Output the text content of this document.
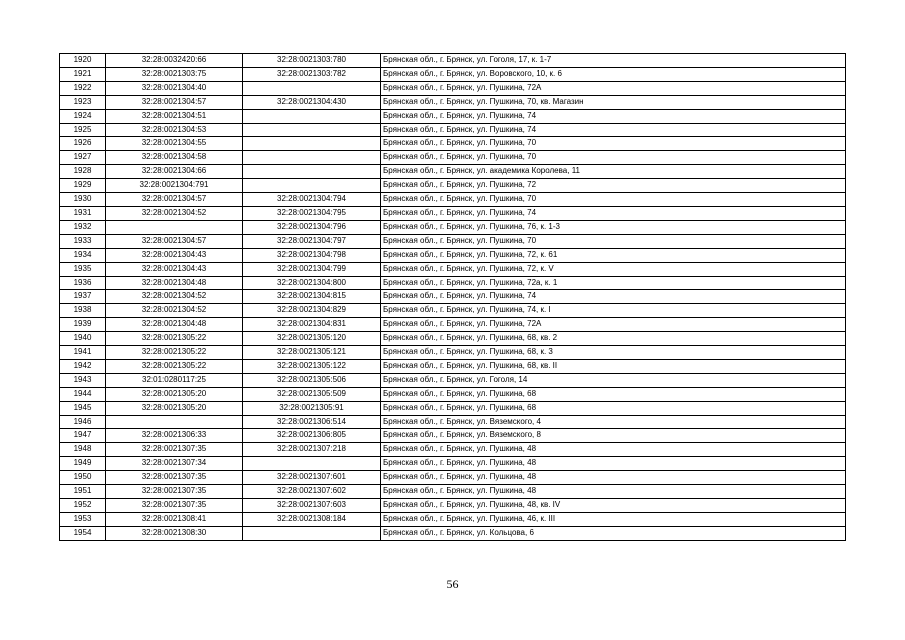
1920	32:28:0032420:66	32:28:0021303:780	Брянская обл., г. Брянск, ул. Гоголя, 17, к. 1-7
1921	32:28:0021303:75	32:28:0021303:782	Брянская обл., г. Брянск, ул. Воровского, 10, к. 6
1922	32:28:0021304:40		Брянская обл., г. Брянск, ул. Пушкина, 72А
1923	32:28:0021304:57	32:28:0021304:430	Брянская обл., г. Брянск, ул. Пушкина, 70, кв. Магазин
1924	32:28:0021304:51		Брянская обл., г. Брянск, ул. Пушкина, 74
1925	32:28:0021304:53		Брянская обл., г. Брянск, ул. Пушкина, 74
1926	32:28:0021304:55		Брянская обл., г. Брянск, ул. Пушкина, 70
1927	32:28:0021304:58		Брянская обл., г. Брянск, ул. Пушкина, 70
1928	32:28:0021304:66		Брянская обл., г. Брянск, ул. академика Королева, 11
1929	32:28:0021304:791		Брянская обл., г. Брянск, ул. Пушкина, 72
1930	32:28:0021304:57	32:28:0021304:794	Брянская обл., г. Брянск, ул. Пушкина, 70
1931	32:28:0021304:52	32:28:0021304:795	Брянская обл., г. Брянск, ул. Пушкина, 74
1932		32:28:0021304:796	Брянская обл., г. Брянск, ул. Пушкина, 76, к. 1-3
1933	32:28:0021304:57	32:28:0021304:797	Брянская обл., г. Брянск, ул. Пушкина, 70
1934	32:28:0021304:43	32:28:0021304:798	Брянская обл., г. Брянск, ул. Пушкина, 72, к. 61
1935	32:28:0021304:43	32:28:0021304:799	Брянская обл., г. Брянск, ул. Пушкина, 72, к. V
1936	32:28:0021304:48	32:28:0021304:800	Брянская обл., г. Брянск, ул. Пушкина, 72а, к. 1
1937	32:28:0021304:52	32:28:0021304:815	Брянская обл., г. Брянск, ул. Пушкина, 74
1938	32:28:0021304:52	32:28:0021304:829	Брянская обл., г. Брянск, ул. Пушкина, 74, к. I
1939	32:28:0021304:48	32:28:0021304:831	Брянская обл., г. Брянск, ул. Пушкина, 72А
1940	32:28:0021305:22	32:28:0021305:120	Брянская обл., г. Брянск, ул. Пушкина, 68, кв. 2
1941	32:28:0021305:22	32:28:0021305:121	Брянская обл., г. Брянск, ул. Пушкина, 68, к. 3
1942	32:28:0021305:22	32:28:0021305:122	Брянская обл., г. Брянск, ул. Пушкина, 68, кв. II
1943	32:01:0280117:25	32:28:0021305:506	Брянская обл., г. Брянск, ул. Гоголя, 14
1944	32:28:0021305:20	32:28:0021305:509	Брянская обл., г. Брянск, ул. Пушкина, 68
1945	32:28:0021305:20	32:28:0021305:91	Брянская обл., г. Брянск, ул. Пушкина, 68
1946		32:28:0021306:514	Брянская обл., г. Брянск, ул. Вяземского, 4
1947	32:28:0021306:33	32:28:0021306:805	Брянская обл., г. Брянск, ул. Вяземского, 8
1948	32:28:0021307:35	32:28:0021307:218	Брянская обл., г. Брянск, ул. Пушкина, 48
1949	32:28:0021307:34		Брянская обл., г. Брянск, ул. Пушкина, 48
1950	32:28:0021307:35	32:28:0021307:601	Брянская обл., г. Брянск, ул. Пушкина, 48
1951	32:28:0021307:35	32:28:0021307:602	Брянская обл., г. Брянск, ул. Пушкина, 48
1952	32:28:0021307:35	32:28:0021307:603	Брянская обл., г. Брянск, ул. Пушкина, 48, кв. IV
1953	32:28:0021308:41	32:28:0021308:184	Брянская обл., г. Брянск, ул. Пушкина, 46, к. III
1954	32:28:0021308:30		Брянская обл., г. Брянск, ул. Кольцова, 6
56
